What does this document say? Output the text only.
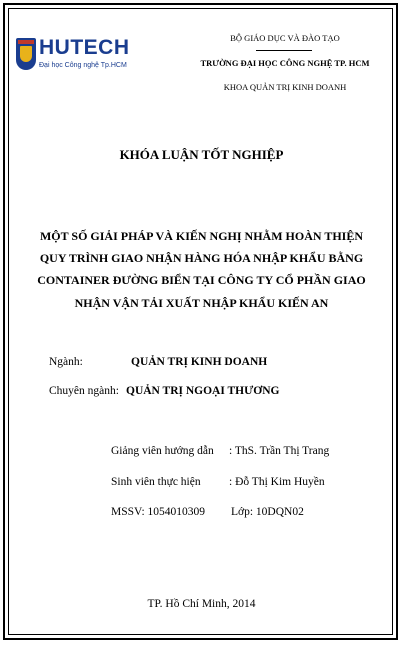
HUTECH
Đại học Công nghệ Tp.HCM
BỘ GIÁO DỤC VÀ ĐÀO TẠO
TRƯỜNG ĐẠI HỌC CÔNG NGHỆ TP. HCM
KHOA QUẢN TRỊ KINH DOANH
KHÓA LUẬN TỐT NGHIỆP
MỘT SỐ GIẢI PHÁP VÀ KIẾN NGHỊ NHẰM HOÀN THIỆN
QUY TRÌNH GIAO NHẬN HÀNG HÓA NHẬP KHẨU BẰNG
CONTAINER ĐƯỜNG BIỂN TẠI CÔNG TY CỔ PHẦN GIAO
NHẬN VẬN TẢI XUẤT NHẬP KHẨU KIẾN AN
Ngành:	QUẢN TRỊ KINH DOANH
Chuyên ngành: QUẢN TRỊ NGOẠI THƯƠNG
Giảng viên hướng dẫn : ThS. Trần Thị Trang
Sinh viên thực hiện : Đỗ Thị Kim Huyền
MSSV: 1054010309 Lớp: 10DQN02
TP. Hồ Chí Minh, 2014
